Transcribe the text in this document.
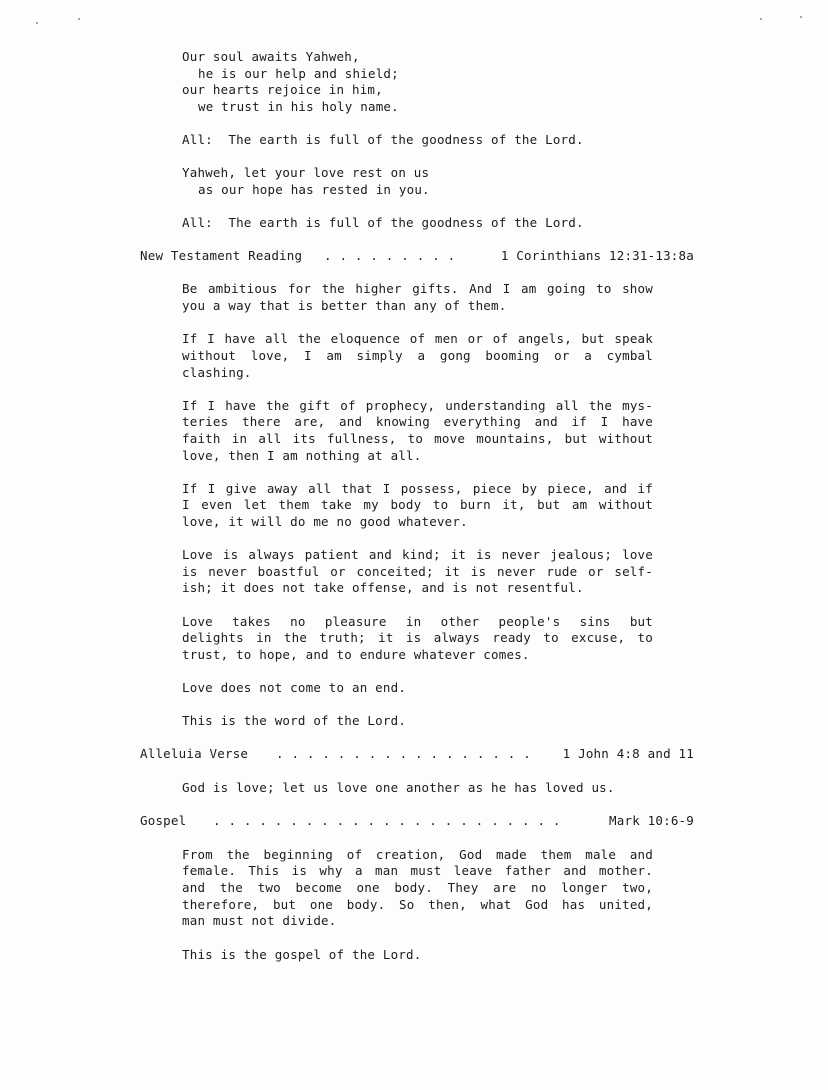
Our soul awaits Yahweh,
he is our help and shield;
our hearts rejoice in him,
we trust in his holy name.
All:  The earth is full of the goodness of the Lord.
Yahweh, let your love rest on us
as our hope has rested in you.
All:  The earth is full of the goodness of the Lord.
New Testament Reading . . . . . . . . .	1 Corinthians 12:31-13:8a
Be ambitious for the higher gifts. And I am going to show
you a way that is better than any of them.
If I have all the eloquence of men or of angels, but speak
without love, I am simply a gong booming or a cymbal
clashing.
If I have the gift of prophecy, understanding all the mys-
teries there are, and knowing everything and if I have
faith in all its fullness, to move mountains, but without
love, then I am nothing at all.
If I give away all that I possess, piece by piece, and if
I even let them take my body to burn it, but am without
love, it will do me no good whatever.
Love is always patient and kind; it is never jealous; love
is never boastful or conceited; it is never rude or self-
ish; it does not take offense, and is not resentful.
Love takes no pleasure in other people's sins but
delights in the truth; it is always ready to excuse, to
trust, to hope, and to endure whatever comes.
Love does not come to an end.
This is the word of the Lord.
Alleluia Verse . . . . . . . . . . . . . . . . .	1 John 4:8 and 11
God is love; let us love one another as he has loved us.
Gospel . . . . . . . . . . . . . . . . . . . . . . .	Mark 10:6-9
From the beginning of creation, God made them male and
female. This is why a man must leave father and mother.
and the two become one body. They are no longer two,
therefore, but one body. So then, what God has united,
man must not divide.
This is the gospel of the Lord.
